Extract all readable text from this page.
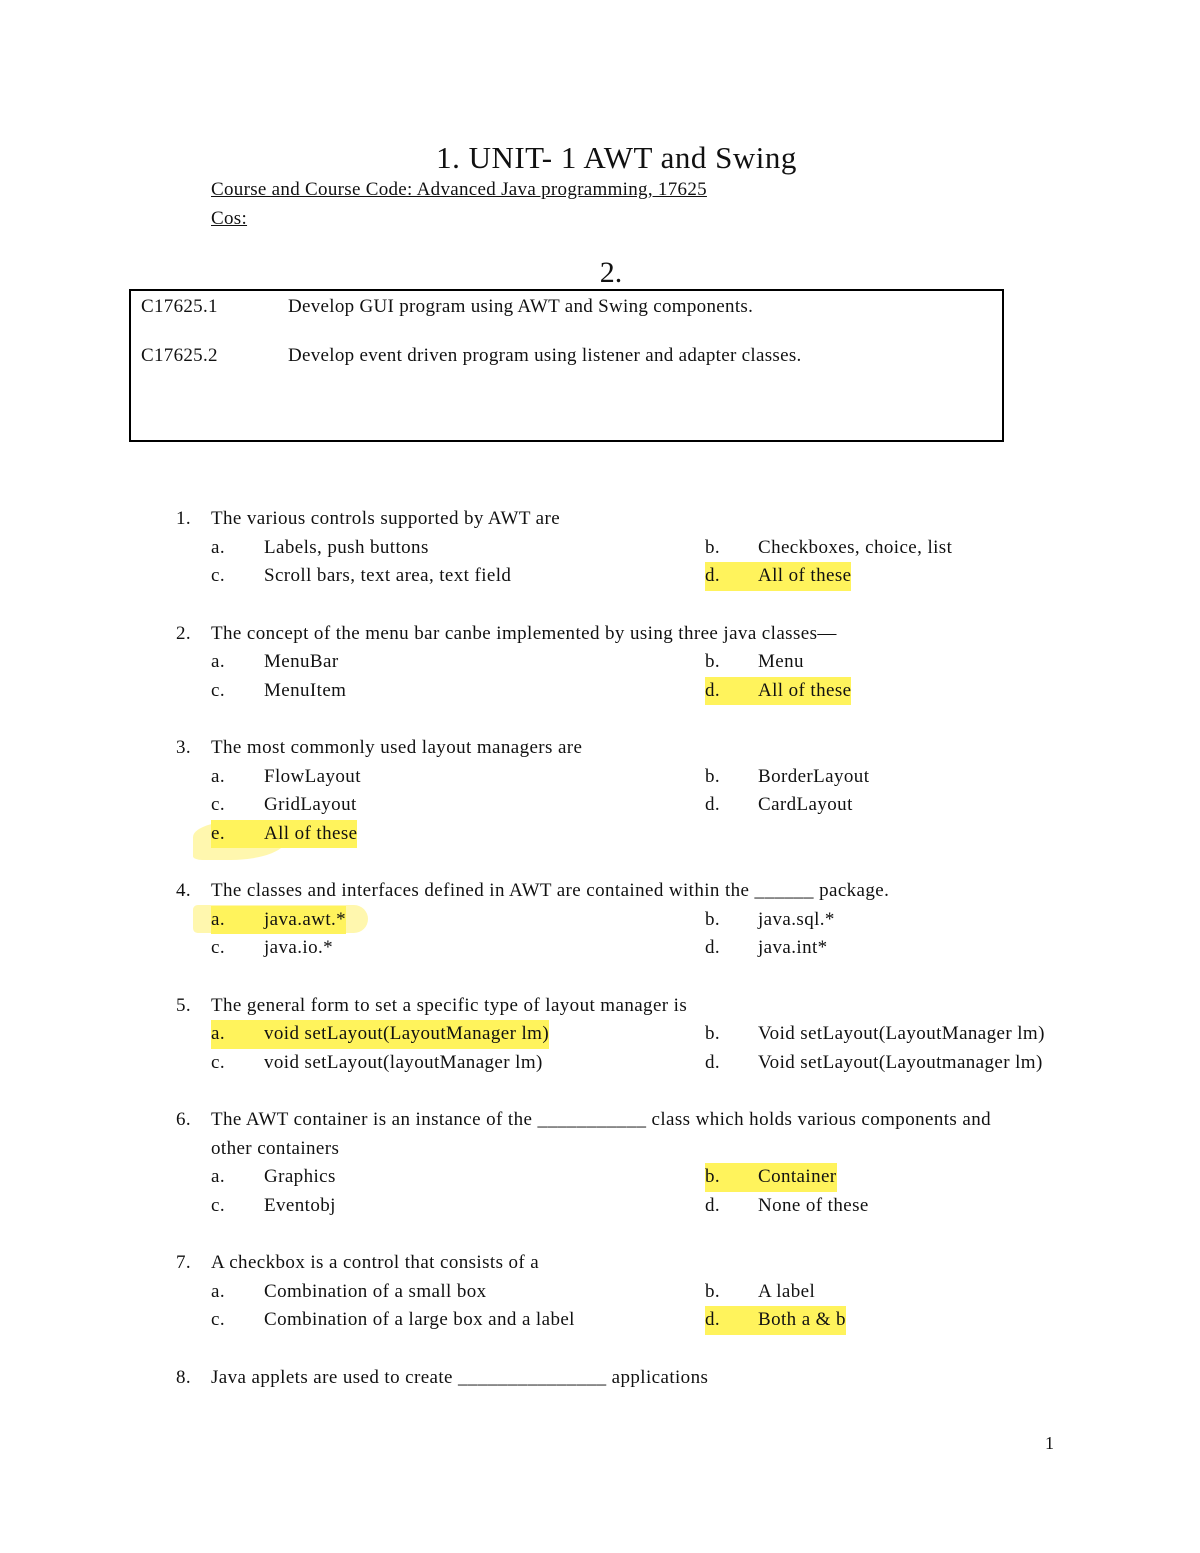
1. UNIT- 1 AWT and Swing
Course and Course Code: Advanced Java programming, 17625
Cos:
2.
C17625.1	Develop GUI program using AWT and Swing components.
C17625.2	Develop event driven program using listener and adapter classes.
1. The various controls supported by AWT are
a. Labels, push buttons	b. Checkboxes, choice, list
c. Scroll bars, text area, text field	d. All of these
2. The concept of the menu bar canbe implemented by using three java classes—
a. MenuBar	b. Menu
c. MenuItem	d. All of these
3. The most commonly used layout managers are
a. FlowLayout	b. BorderLayout
c. GridLayout	d. CardLayout
e. All of these
4. The classes and interfaces defined in AWT are contained within the ______ package.
a. java.awt.*	b. java.sql.*
c. java.io.*	d. java.int*
5. The general form to set a specific type of layout manager is
a. void setLayout(LayoutManager lm)	b. Void setLayout(LayoutManager lm)
c. void setLayout(layoutManager lm)	d. Void setLayout(Layoutmanager lm)
6. The AWT container is an instance of the ___________ class which holds various components and
other containers
a. Graphics	b. Container
c. Eventobj	d. None of these
7. A checkbox is a control that consists of a
a. Combination of a small box	b. A label
c. Combination of a large box and a label	d. Both a & b
8. Java applets are used to create _______________ applications
1
